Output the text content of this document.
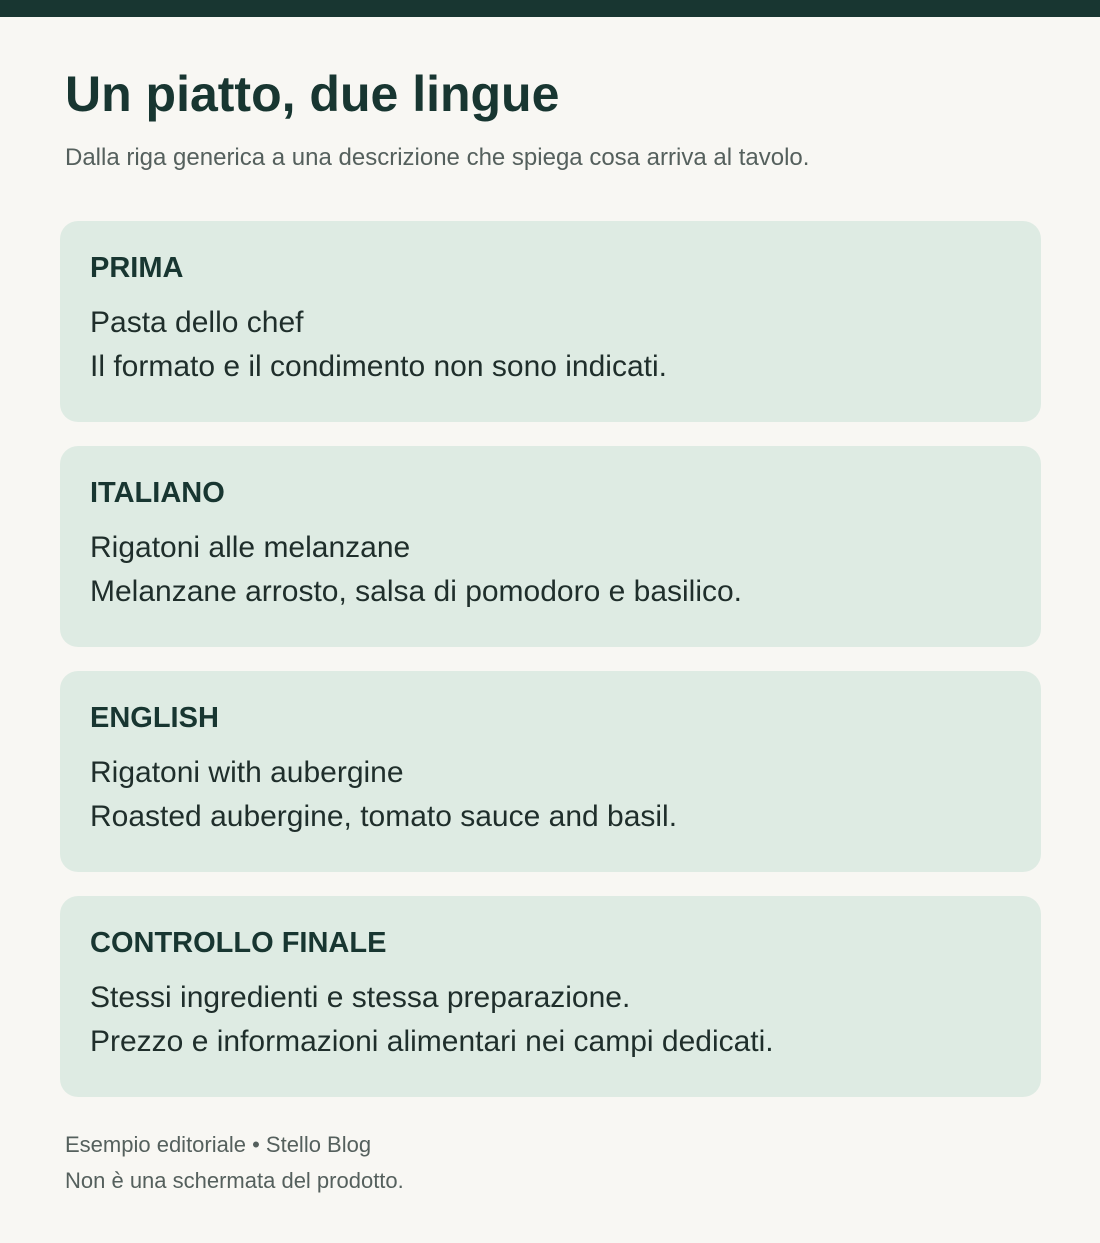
Un piatto, due lingue

Dalla riga generica a una descrizione che spiega cosa arriva al tavolo.

PRIMA
Pasta dello chef
Il formato e il condimento non sono indicati.
ITALIANO
Rigatoni alle melanzane
Melanzane arrosto, salsa di pomodoro e basilico.
ENGLISH
Rigatoni with aubergine
Roasted aubergine, tomato sauce and basil.
CONTROLLO FINALE
Stessi ingredienti e stessa preparazione.
Prezzo e informazioni alimentari nei campi dedicati.
Esempio editoriale • Stello Blog
Non è una schermata del prodotto.
